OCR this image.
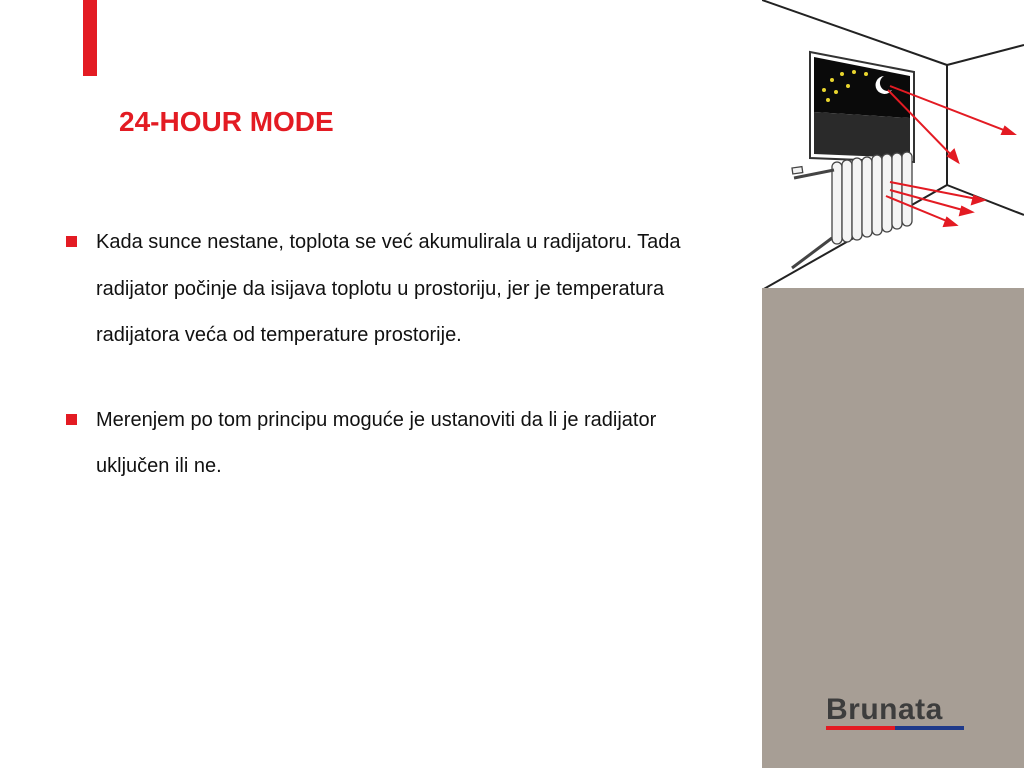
24-HOUR MODE
Kada sunce nestane, toplota se već akumulirala u radijatoru. Tada radijator počinje da isijava toplotu u prostoriju, jer je temperatura radijatora veća od temperature prostorije.
Merenjem po tom principu moguće je ustanoviti da li je radijator uključen ili ne.
Brunata
